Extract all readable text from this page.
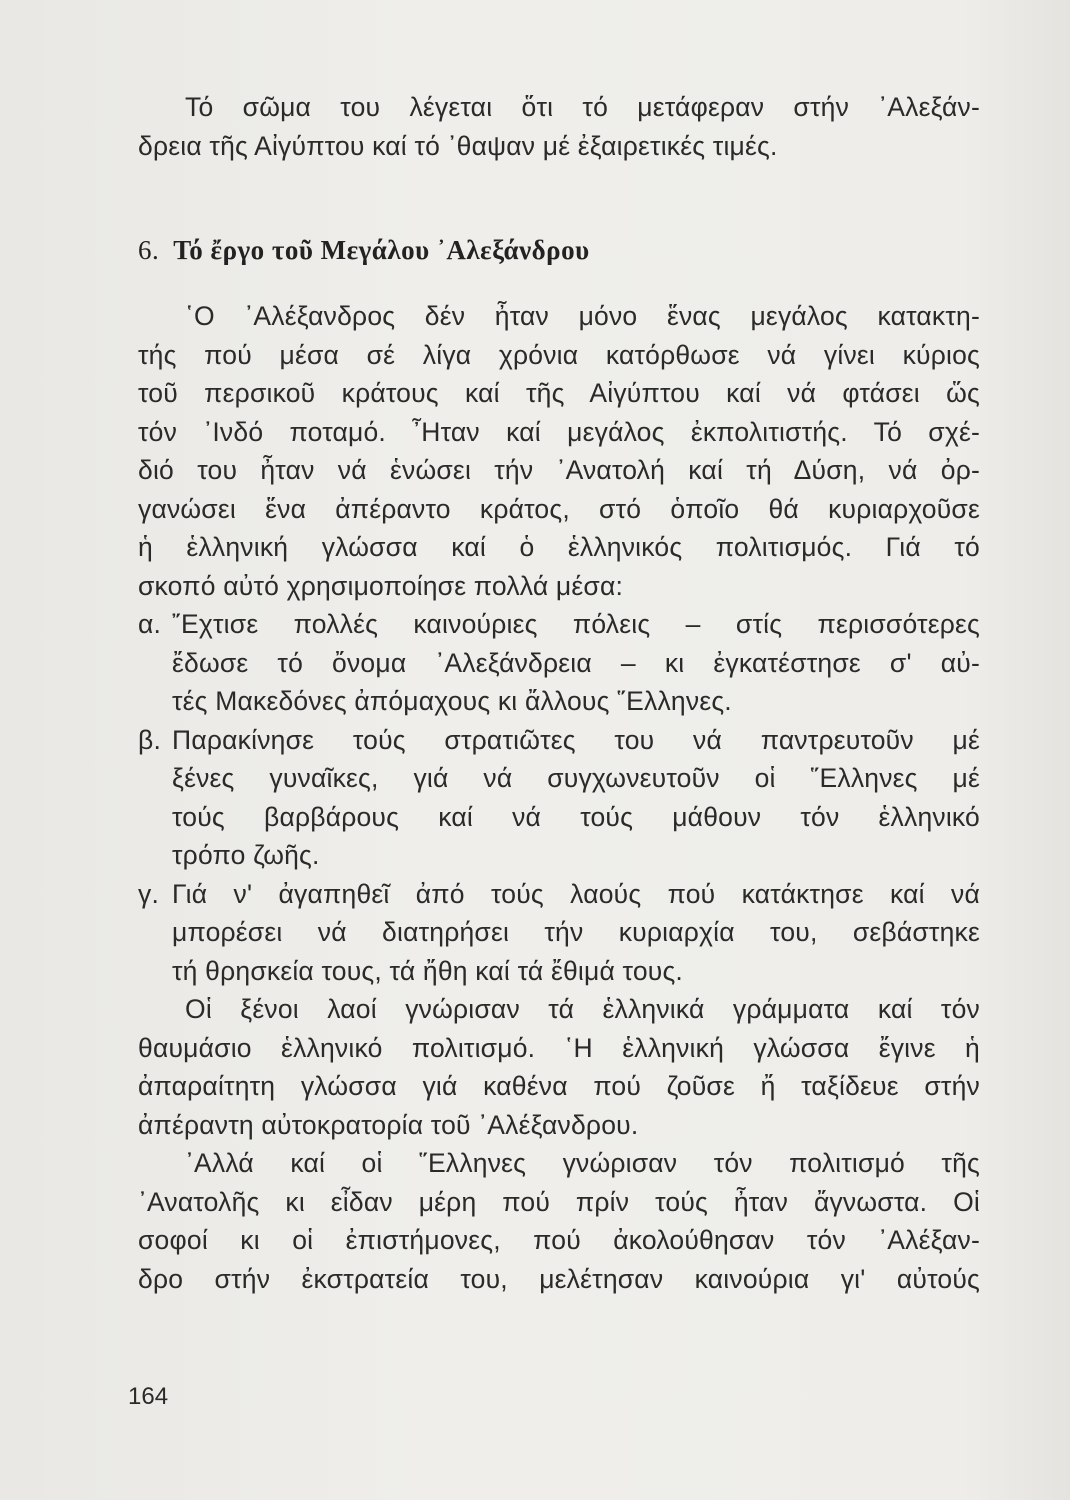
Τό σῶμα του λέγεται ὅτι τό μετάφεραν στήν ᾿Αλεξάν-
δρεια τῆς Αἰγύπτου καί τό ᾿θαψαν μέ ἐξαιρετικές τιμές.
6. Τό ἔργο τοῦ Μεγάλου ᾿Αλεξάνδρου
῾Ο ᾿Αλέξανδρος δέν ἦταν μόνο ἕνας μεγάλος κατακτη-
τής πού μέσα σέ λίγα χρόνια κατόρθωσε νά γίνει κύριος
τοῦ περσικοῦ κράτους καί τῆς Αἰγύπτου καί νά φτάσει ὥς
τόν ᾿Ινδό ποταμό. ῏Ηταν καί μεγάλος ἐκπολιτιστής. Τό σχέ-
διό του ἦταν νά ἑνώσει τήν ᾿Ανατολή καί τή Δύση, νά ὀρ-
γανώσει ἕνα ἀπέραντο κράτος, στό ὁποῖο θά κυριαρχοῦσε
ἡ ἑλληνική γλώσσα καί ὁ ἑλληνικός πολιτισμός. Γιά τό
σκοπό αὐτό χρησιμοποίησε πολλά μέσα:
α. ῎Εχτισε πολλές καινούριες πόλεις – στίς περισσότερες
ἔδωσε τό ὄνομα ᾿Αλεξάνδρεια – κι ἐγκατέστησε σ' αὐ-
τές Μακεδόνες ἀπόμαχους κι ἄλλους ῞Ελληνες.
β. Παρακίνησε τούς στρατιῶτες του νά παντρευτοῦν μέ
ξένες γυναῖκες, γιά νά συγχωνευτοῦν οἱ ῞Ελληνες μέ
τούς βαρβάρους καί νά τούς μάθουν τόν ἑλληνικό
τρόπο ζωῆς.
γ. Γιά ν' ἀγαπηθεῖ ἀπό τούς λαούς πού κατάκτησε καί νά
μπορέσει νά διατηρήσει τήν κυριαρχία του, σεβάστηκε
τή θρησκεία τους, τά ἤθη καί τά ἔθιμά τους.
Οἱ ξένοι λαοί γνώρισαν τά ἑλληνικά γράμματα καί τόν
θαυμάσιο ἑλληνικό πολιτισμό. ῾Η ἑλληνική γλώσσα ἔγινε ἡ
ἀπαραίτητη γλώσσα γιά καθένα πού ζοῦσε ἤ ταξίδευε στήν
ἀπέραντη αὐτοκρατορία τοῦ ᾿Αλέξανδρου.
᾿Αλλά καί οἱ ῞Ελληνες γνώρισαν τόν πολιτισμό τῆς
᾿Ανατολῆς κι εἶδαν μέρη πού πρίν τούς ἦταν ἄγνωστα. Οἱ
σοφοί κι οἱ ἐπιστήμονες, πού ἀκολούθησαν τόν ᾿Αλέξαν-
δρο στήν ἐκστρατεία του, μελέτησαν καινούρια γι' αὐτούς
164
